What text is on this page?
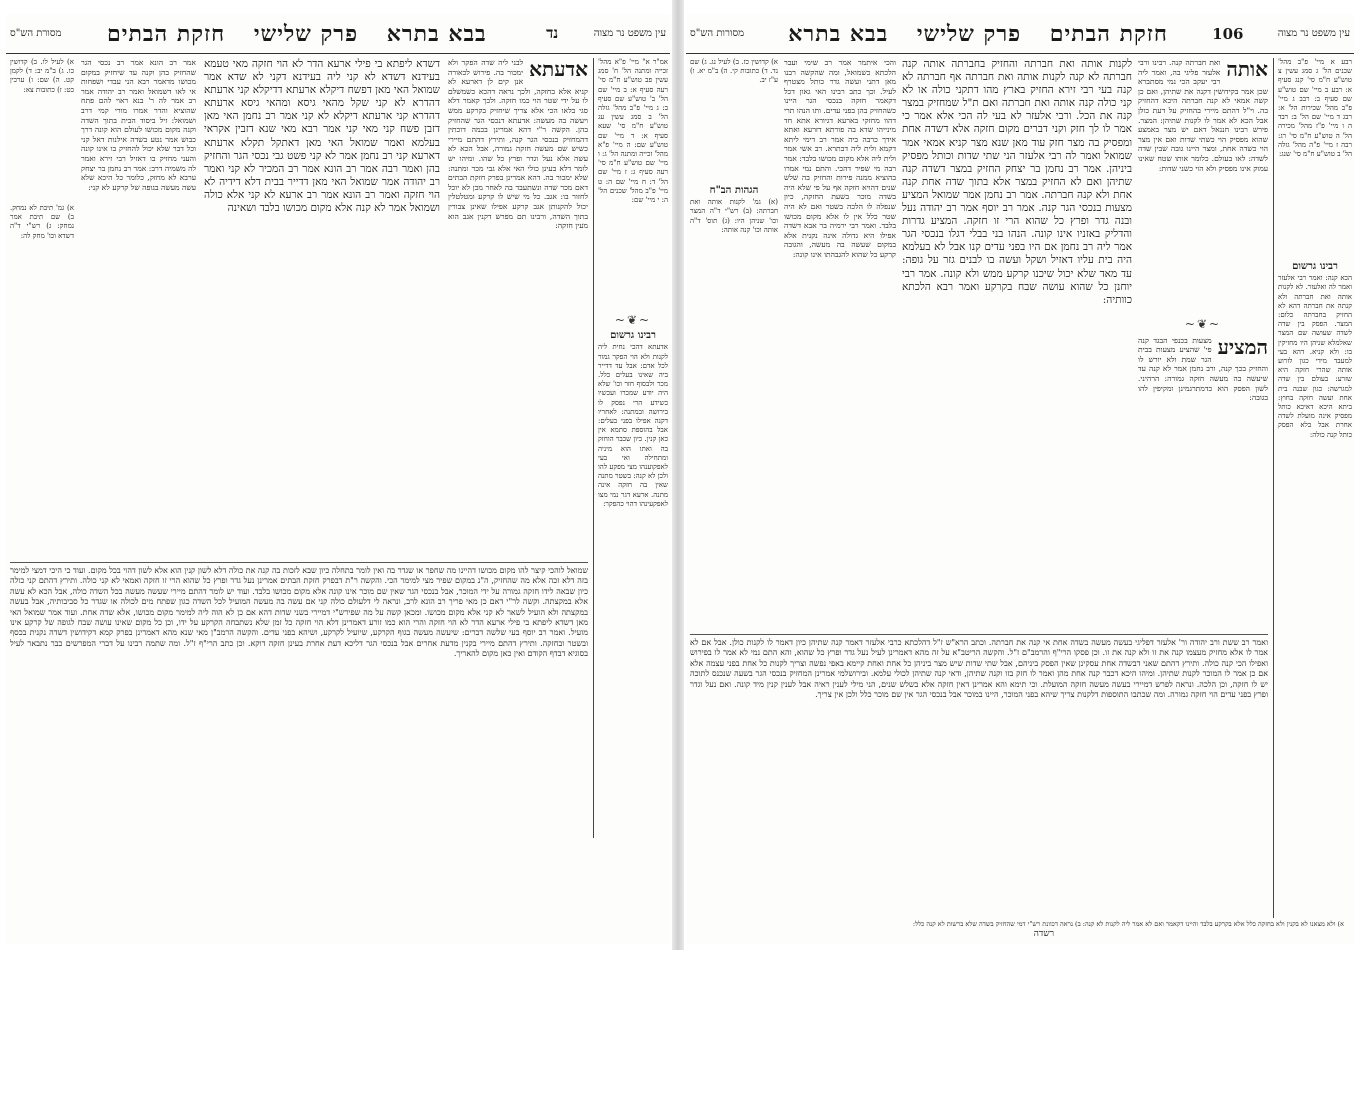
עין משפט נר מצוה
נד
בבא בתרא פרק שלישי חזקת הבתים
מסורת הש"ס

אמ"ר א" מיי' פ"א מהל' זכייה ומתנה הל' ח' סמג עשין פב טוש"ע ח"מ סי' רעה סעיף א: ב מיי' שם הל' ב' טוש"ע שם סעיף ב: ג מיי' פ"ב מהל' גזלה הל' ב סמג עשין עג טוש"ע ח"מ סי' שעא סעיף א: ד מיי' שם טוש"ע שם: ה מיי' פ"א מהל' זכייה ומתנה הל' ג: ו מיי' שם טוש"ע ח"מ סי' רעה סעיף ג: ז מיי' שם הל' ד: ח מיי' שם ה: ט מיי' פ"ב מהל' שכנים הל' ה: י מיי' שם:

~❦~
רבינו גרשום

אדעתא דהכי נחית ליה לקנות ולא הוי הפקר גמור לכל אדם: אבל עד דדייר ביה שאינו בעלים כלל. מכר ולבסוף חזר וכו' שלא היה יודע שמכרו ועכשיו כשידע הרי נפסק לו בירושה ובמתנה: לאחריו דקנה אפילו בפני בעלים: אבל בהוספת סתמא אין כאן קנין. כיון שכבר הוחזק בה ואתו הוא מיניה ומתחילה ואי בעי לאפקוענהו מצי מפקע להו ולכן לא קנה: בשטר מתנה שאין בה חזקה אינה מתנה. ארעא דגר נמי מצו לאפקעינהו דהוי כהפקר:

אדעתא

לבני ליה שדה הפקר ולא ימכור בה. פירוש לכאורה אנן קים לן דארעא לא קניא אלא בחזקה, ולכך נראה דהכא כשמשלם לו על ידי שטר הוי כמו חזקה. ולכך קאמר דלא סגי בלאו הכי אלא צריך שיחזיק בקרקע ממש ויעשה בה מעשה: אדעתא דנכסי הגר שהחזיק בהן. הקשה ר"י דהא אמרינן בכמה דוכתין דהמחזיק בנכסי הגר קנה, ותירץ דהתם מיירי כשיש שם מעשה חזקה גמורה, אבל הכא לא עשה אלא נעל וגדר ופרץ כל שהו. ומיהו יש לומר דלא בעינן כולי האי אלא גבי מכר ומתנה: שלא ימכור בה. דהא אמרינן בפרק חזקת הבתים דאם מכר שדה ונשתעבד בה לאחר מכן לא יוכל לחזור בו: אגב. כל מי שיש לו קרקע ומטלטלין יכול להקנותן אגב קרקע אפילו שאינן צבורין בתוך השדה, ורבינו תם מפרש דקנין אגב הוא מעין חזקה:

דשדא ליפתא בי פילי ארעא הדר לא הוי חזקה מאי טעמא בעידנא דשדא לא קני ליה בעידנא דקני לא שדא אמר שמואל האי מאן דפשח דיקלא ארעתא דדיקלא קני ארעתא דהדרא לא קני שקל מהאי גיסא ומהאי גיסא ארעתא דהדרא קני ארעתא דיקלא לא קני אמר רב נחמן האי מאן דזבן פשח קני מאי קני אמר רבא מאי שנא דזבין אקראי בעלמא ואמר שמואל האי מאן דאתקל תקלא ארעתא דארעא קני רב נחמן אמר לא קני פשט גבי נכסי הגר והחזיק בהן ואמר רבה אמר רב הונא אמר רב המכיר לא קני ואמר רב יהודה אמר שמואל האי מאן דדייר בבית דלא דידיה לא הוי חזקה ואמר רב הונא אמר רב ארעא לא קני אלא כולה ושמואל אמר לא קנה אלא מקום מכושו בלבד ושאינה

אמר רב הונא אמר רב נכסי הגר שהחזיק בהן וקנה עד שיחזיק במקום מכושו מדאמר רבא הני עבדי ושפחות אי לאו דשמואל ואמר רב יהודה אמר רב אמר לה ר' בנא ראוי להם פתח שהוציא והדר אמרו מורי קמי דרב ושמואל: זיל ביסוד הבית בתוך השדה וקנה מקום מכושו לעולם הוא קונה דרך כבוש אמר נטע בשדה אילנות דאל קני וכל דבר שלא יכול להחזיק בו אינו קונה והעני מחזיק בו דאזיל רבי זירא ואמר לה משמיה דרב: אמר רב נחמן בר יצחק ערבא לא מחזק, כלומר כל היכא שלא עשה מעשה בגופה של קרקע לא קני:

א) לעיל לו. ב) קדושין כו. ג) ב"מ יב: ד) לקמן קט. ה) שם: ו) ערכין כט: ז) כתובות צא:

א) גמ' תיבת לא נמחק. ב) שם תיבת אמר נמחק: ג) רש"י ד"ה דשדא וכו' מחק לה:

שמואל לוהכי קיצר להו מקום מכושו דהיינו מה שחפר או שגדר בה ואין לומר בתחלה כיון שבא לזכות בה קנה את כולה דלא לשון קנין הוא אלא לשון דהוי בכל מקום. ועוד כי היכי דמצי למימר בזה דלא זכה אלא מה שהחזיק, ה"נ במקום שפיר מצי למימר הכי. והקשה ר"ת דבפרק חזקת הבתים אמרינן נעל גדר ופרץ כל שהוא הרי זו חזקה ואמאי לא קני כולה. ותירץ דהתם קני כולה כיון שבאה לידו חזקה גמורה על ידי המוכר, אבל בנכסי הגר שאין שם מוכר אינו קונה אלא מקום מכושו בלבד. ועוד יש לומר דהתם מיירי שעשה מעשה בכל השדה כולה, אבל הכא לא עשה אלא במקצתה. וקשה לר"י דאם כן מאי פריך רב הונא לרב, ונראה לי דלעולם כולה קני אם עשה בה מעשה המועיל לכל השדה כגון שפתח מים לכולה או שגדר כל סביבותיה, אבל בעשה במקצתה ולא הועיל לשאר לא קני אלא מקום מכושו. ומכאן קשה על מה שפירש"י דמיירי בשני שדות דהא אם כן לא הוה ליה למימר מקום מכושו, אלא שדה אחת. ועוד אמר שמואל האי מאן דשדא ליפתא בי פילי ארעא הדר לא הוי חזקה והרי הוא כמו זורע דאמרינן דלא הוי חזקה כל זמן שלא נשתבחה הקרקע על ידו, וכן כל מקום שאינו עושה שבח לגופה של קרקע אינו מועיל. ואמר רב יוסף בעי שלשה דברים: שיעשה מעשה בגוף הקרקע, שיועיל לקרקע, ושיהא בפני עדים. והקשה הרמב"ן מאי שנא מהא דאמרינן בפרק קמא דקידושין דשדה נקנית בכסף ובשטר ובחזקה. ותירץ דהתם מיירי בקנין מדעת אחרים אבל בנכסי הגר דליכא דעת אחרת בעינן חזקה דוקא. וכן כתב הרי"ף ז"ל. ומה שתמה רבינו על דברי המפרשים כבר נתבאר לעיל בסוגיא דבדף הקודם ואין כאן מקום להאריך.

עין משפט נר מצוה
106
חזקת הבתים פרק שלישי בבא בתרא
מסורות הש"ס

רבע א מיי' פ"ב מהל' שכנים הל' ג סמג עשין צ טוש"ע ח"מ סי' קנג סעיף א: רבע ב מיי' שם טוש"ע שם סעיף ב: רבב ג מיי' פ"ב מהל' שכירות הל' א: רבג ד מיי' שם הל' ב: רבד ה ו מיי' פ"ז מהל' מכירה הל' ה טוש"ע ח"מ סי' רג: רבה ז מיי' פ"ה מהל' גזלה הל' ב טוש"ע ח"מ סי' שנג:

רבינו גרשום

הכא קנה: ואמר רבי אלעזר ואמר לה ואלעזר. לא לקנות אותה ואת חברתה ולא קנתה את חברתה דהא לא החזיק בחברתה כלום: המצר. הפסק בין שדה לשדה שעושה שם המצר שאלמלא שניהן היו מחזיקין בו: ולא קניא. דהא בעי למעבד מידי כגון לזרוע אותה שהרי חזקה היא שזרע: בעולם בין שדה למגרשה: כגון שבנה בית אחת ועשה חזקה בחוץ: ביתא היכא דאיכא כותל מפסיק אינה מועלת לשדה אחרת אבל בלא הפסק כותל קנה כולה:

אותה

ואת חברתה קנה. רבינו ורבי אלעזר פליגי בה, ואמר ליה רבי יעקב הכי נמי מסתברא שכן אמר בקידושין דקנה את שתיהן, ואם כן קשה אמאי לא קנה חברתה היכא דהחזיק בה. וי"ל דהתם מיירי בהחזיק על דעת כולן אבל הכא לא אמר לו לקנות שתיהן: המצר. פירש רבינו חננאל דאם יש מצר באמצע שהוא מפסיק הוי כשתי שדות ואם אין מצר הוי כשדה אחת, ומצר היינו גובה שבין שדה לשדה: לאו בעולם. כלומר אותו שטח שאינו עמוק אינו מפסיק ולא הוי כשני שדות:

~❦~
המציע

מצעות בכנפי הבגד קנה פי' שהציע מצעות בבית הגר שמת ולא יורש לו והחזיק בכך קנה, ורב נחמן אמר לא קנה עד שיעשה בה מעשה חזקה גמורה: הרהיני. לשון הפסק הוא כדמתרגמינן ומקיפין להו בגובה:

לקנות אותה ואת חברתה והחזיק בחברתה אותה קנה חברתה לא קנה לקנות אותה ואת חברתה אף חברתה לא קנה בעי רבי זירא החזיק בארץ מהו דתקני כולה או לא קני כולה קנה אותה ואת חברתה ואם ת"ל שמחזיק במצר קנה את הכל. ורבי אלעזר לא בעי לה הכי אלא אמר כי אמר לו לך חזק וקני דברים מקום חזקה אלא דשדה אחת ומפסיק בה מצר חזק עוד מאן שנא מצר קניא אמאי אמר שמואל ואמר לה רבי אלעזר הני שתי שדות וכותל מפסיק ביניהן. אמר רב נחמן בר יצחק החזיק במצר דשדה קנה שתיהן ואם לא החזיק במצר אלא בתוך שדה אחת קנה אחת ולא קנה חברתה. אמר רב נחמן אמר שמואל המציע מצעות בנכסי הגר קנה. אמר רב יוסף אמר רב יהודה נעל ובנה גדר ופרץ כל שהוא הרי זו חזקה. המציע גדרות והדליק באזניו אינו קונה. הנהו בני בבלי דגלו בנכסי הגר אמר ליה רב נחמן אם היו בפני עדים קנו אבל לא בעלמא היה בית עליו דאזיל ושקל ועשה בו לבנים גזר על גופה: עד מאד שלא יכול שיכנו קרקע ממש ולא קונה. אמר רבי יוחנן כל שהוא עושה שבח בקרקע ואמר רבא הלכתא כוותיה:

והכי איתמר אמר רב שימי ועבר הלכתא כשמואל, ומה שהקשה רבנו מאן דתני ועשה גדר כותל מצטרף לעיל. וכך כתב רבינו האי גאון דכל דקאמר חזקה בנכסי הגר היינו כשהחזיק בהן בפני עדים. ותו הנהו תרי דהוו מחזקי בארעא דגיורא אתא חד מינייהו שדא בה פורתא דזרעא ואתא אידך כרבה ביה אמר רב דימי ליתא דקמא ולית ליה דבתרא. רב אשי אמר ולית ליה אלא מקום מכושו בלבד: אמר רבה מי שפיר דהכי. והתם נמי אמרו בהוציא ממנה פירות והחזיק בה שלש שנים דהויא חזקה אף על פי שלא היה בשדה מוכר בשעת החזקה, כיון שנפלה לו הלכה בשטר ואם לא היה שטר כלל אין לו אלא מקום מכושו בלבד. ואמר רבי ירמיה בר אבא דשדה אפילו היא גדולה אינה נקנית אלא במקום שעשה בה מעשה, והגובה קרקע כל שהוא להגבהתו אינו קונה:

א) קדושין כז. ב) לעיל נג. ג) שם נד. ד) כתובות קי. ה) ב"מ יא. ו) ע"ז יב.

הגהות הב"ח

(א) גמ' לקנות אותה ואת חברתה: (ב) רש"י ד"ה המצר וכו' שניהן היו: (ג) תוס' ד"ה אותה וכו' קנה אותה:

ואמר רב ששת ורב יהודה ור' אלעזר דפליגי בעשה מעשה בשדה אחת אי קנה את חברתה. וכתב הרא"ש ז"ל דהלכתא כרבי אלעזר דאמר קנה שתיהן כיון דאמר לו לקנות כולן. אבל אם לא אמר לו אלא מחזיק מעצמו קנה את זו ולא קנה את זו. וכן פסקו הרי"ף והרמב"ם ז"ל. והקשה הריטב"א על זה מהא דאמרינן לעיל נעל גדר ופרץ כל שהוא, והא התם נמי לא אמר לו בפירוש ואפילו הכי קנה כולה. ותירץ דהתם שאני דבשדה אחת עסקינן שאין הפסק ביניהם, אבל שתי שדות שיש מצר ביניהן כל אחת ואחת קיימא באפי נפשה וצריך לקנות כל אחת בפני עצמה אלא אם כן אמר לו המוכר לקנות שתיהן. ומיהו היכא דכבר קנה אחת מהן ואמר לו חזק בזו וקנה שתיהן, ודאי קנה שתיהן לכולי עלמא. ובירושלמי אמרינן המחזיק בנכסי הגר בשעה שנכנס לתוכה יש לו חזקה, וכן הלכה. ונראה לפרש דמיירי בעשה מעשה חזקה המועלת. וכי תימא והא אמרינן דאין חזקה אלא בשלש שנים, הני מילי לענין ראיה אבל לענין קנין מיד קונה. ואם נעל וגדר ופרץ בפני עדים הוי חזקה גמורה. ומה שכתבו התוספות דלקנות צריך שיהא בפני המוכר, היינו במוכר אבל בנכסי הגר אין שם מוכר כלל ולכן אין צריך.

א) ולא מצאנו לא בקנין ולא בחזקה כלל אלא בקרקע בלבד והיינו דקאמר ואם לא אמר ליה לקנות לא קנה: ב) נראה דכוונת רש"י דמי שהחזיק בשדה שלא ברשות לא קנה כלל:
רשדה
